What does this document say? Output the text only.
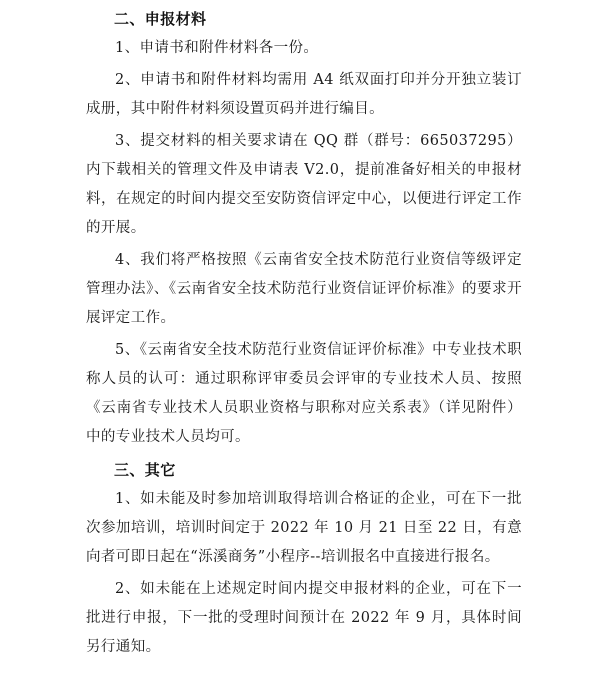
二、申报材料

1、申请书和附件材料各一份。

2、申请书和附件材料均需用 A4 纸双面打印并分开独立装订成册，其中附件材料须设置页码并进行编目。

3、提交材料的相关要求请在 QQ 群（群号：665037295）内下载相关的管理文件及申请表 V2.0，提前准备好相关的申报材料，在规定的时间内提交至安防资信评定中心，以便进行评定工作的开展。

4、我们将严格按照《云南省安全技术防范行业资信等级评定管理办法》、《云南省安全技术防范行业资信证评价标准》的要求开展评定工作。

5、《云南省安全技术防范行业资信证评价标准》中专业技术职称人员的认可：通过职称评审委员会评审的专业技术人员、按照《云南省专业技术人员职业资格与职称对应关系表》（详见附件）中的专业技术人员均可。

三、其它

1、如未能及时参加培训取得培训合格证的企业，可在下一批次参加培训，培训时间定于 2022 年 10 月 21 日至 22 日，有意向者可即日起在“泺溪商务”小程序--培训报名中直接进行报名。

2、如未能在上述规定时间内提交申报材料的企业，可在下一批进行申报，下一批的受理时间预计在 2022 年 9 月，具体时间另行通知。
